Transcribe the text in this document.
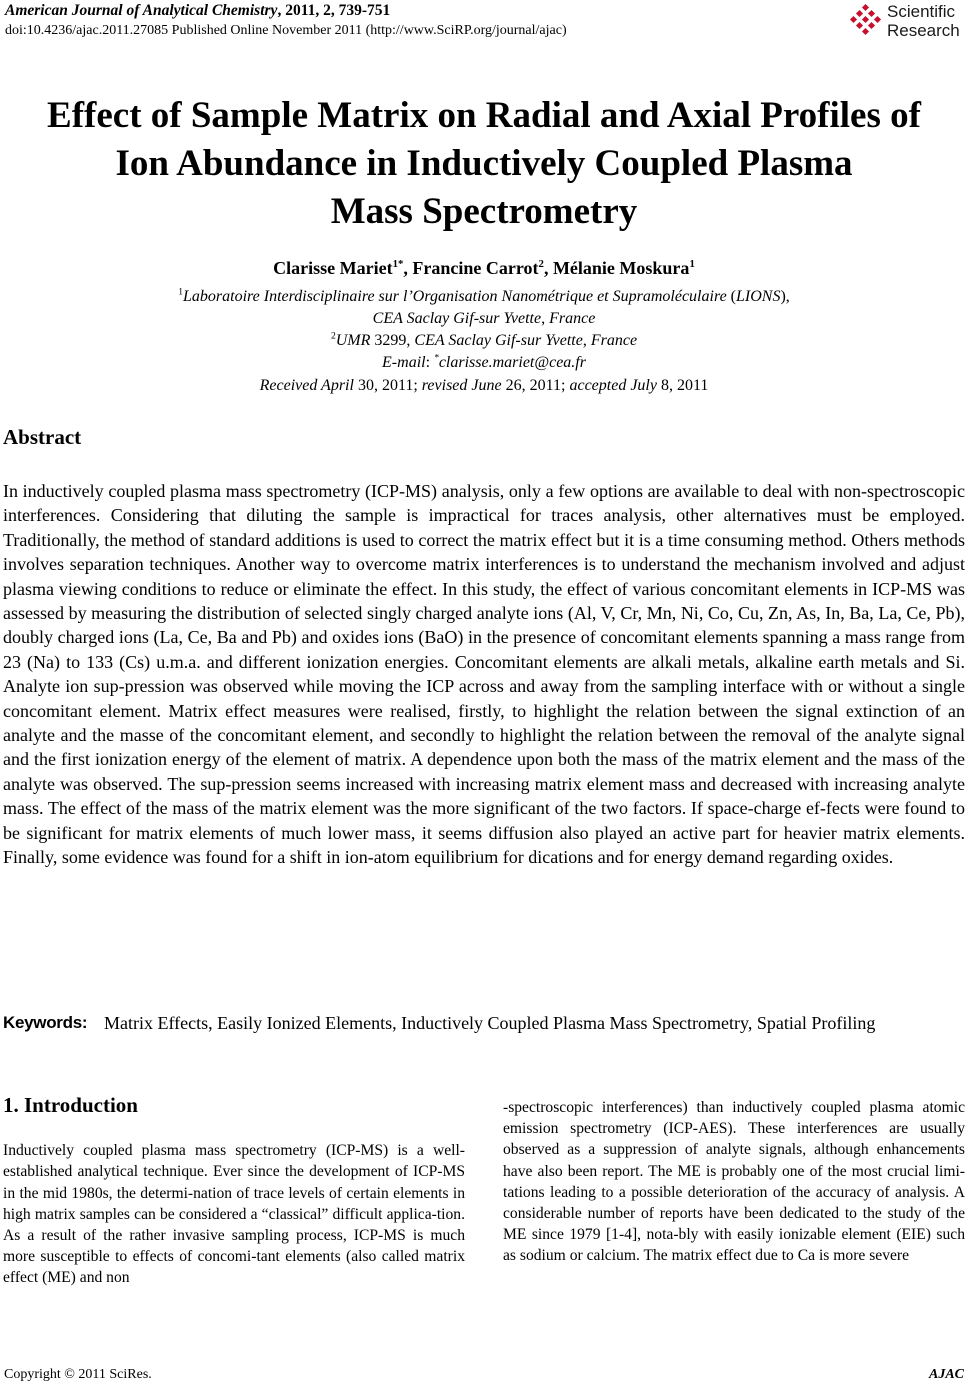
American Journal of Analytical Chemistry, 2011, 2, 739-751
doi:10.4236/ajac.2011.27085 Published Online November 2011 (http://www.SciRP.org/journal/ajac)
Scientific
Research
Effect of Sample Matrix on Radial and Axial Profiles of
Ion Abundance in Inductively Coupled Plasma
Mass Spectrometry
Clarisse Mariet$^{1*}$, Francine Carrot$^2$, Mélanie Moskura$^1$
$^1$Laboratoire Interdisciplinaire sur l’Organisation Nanométrique et Supramoléculaire (LIONS),
CEA Saclay Gif-sur Yvette, France
$^2$UMR 3299, CEA Saclay Gif-sur Yvette, France
E-mail: *clarisse.mariet@cea.fr
Received April 30, 2011; revised June 26, 2011; accepted July 8, 2011
Abstract
In inductively coupled plasma mass spectrometry (ICP-MS) analysis, only a few options are available to deal with non-spectroscopic interferences. Considering that diluting the sample is impractical for traces analysis, other alternatives must be employed. Traditionally, the method of standard additions is used to correct the matrix effect but it is a time consuming method. Others methods involves separation techniques. Another way to overcome matrix interferences is to understand the mechanism involved and adjust plasma viewing conditions to reduce or eliminate the effect. In this study, the effect of various concomitant elements in ICP-MS was assessed by measuring the distribution of selected singly charged analyte ions (Al, V, Cr, Mn, Ni, Co, Cu, Zn, As, In, Ba, La, Ce, Pb), doubly charged ions (La, Ce, Ba and Pb) and oxides ions (BaO) in the presence of concomitant elements spanning a mass range from 23 (Na) to 133 (Cs) u.m.a. and different ionization energies. Concomitant elements are alkali metals, alkaline earth metals and Si. Analyte ion sup-pression was observed while moving the ICP across and away from the sampling interface with or without a single concomitant element. Matrix effect measures were realised, firstly, to highlight the relation between the signal extinction of an analyte and the masse of the concomitant element, and secondly to highlight the relation between the removal of the analyte signal and the first ionization energy of the element of matrix. A dependence upon both the mass of the matrix element and the mass of the analyte was observed. The sup-pression seems increased with increasing matrix element mass and decreased with increasing analyte mass. The effect of the mass of the matrix element was the more significant of the two factors. If space-charge ef-fects were found to be significant for matrix elements of much lower mass, it seems diffusion also played an active part for heavier matrix elements. Finally, some evidence was found for a shift in ion-atom equilibrium for dications and for energy demand regarding oxides.
Keywords: Matrix Effects, Easily Ionized Elements, Inductively Coupled Plasma Mass Spectrometry, Spatial Profiling
1. Introduction

Inductively coupled plasma mass spectrometry (ICP-MS) is a well-established analytical technique. Ever since the development of ICP-MS in the mid 1980s, the determi-nation of trace levels of certain elements in high matrix samples can be considered a “classical” difficult applica-tion. As a result of the rather invasive sampling process, ICP-MS is much more susceptible to effects of concomi-tant elements (also called matrix effect (ME) and non

-spectroscopic interferences) than inductively coupled plasma atomic emission spectrometry (ICP-AES). These interferences are usually observed as a suppression of analyte signals, although enhancements have also been report. The ME is probably one of the most crucial limi-tations leading to a possible deterioration of the accuracy of analysis. A considerable number of reports have been dedicated to the study of the ME since 1979 [1-4], nota-bly with easily ionizable element (EIE) such as sodium or calcium. The matrix effect due to Ca is more severe

Copyright © 2011 SciRes.	AJAC
